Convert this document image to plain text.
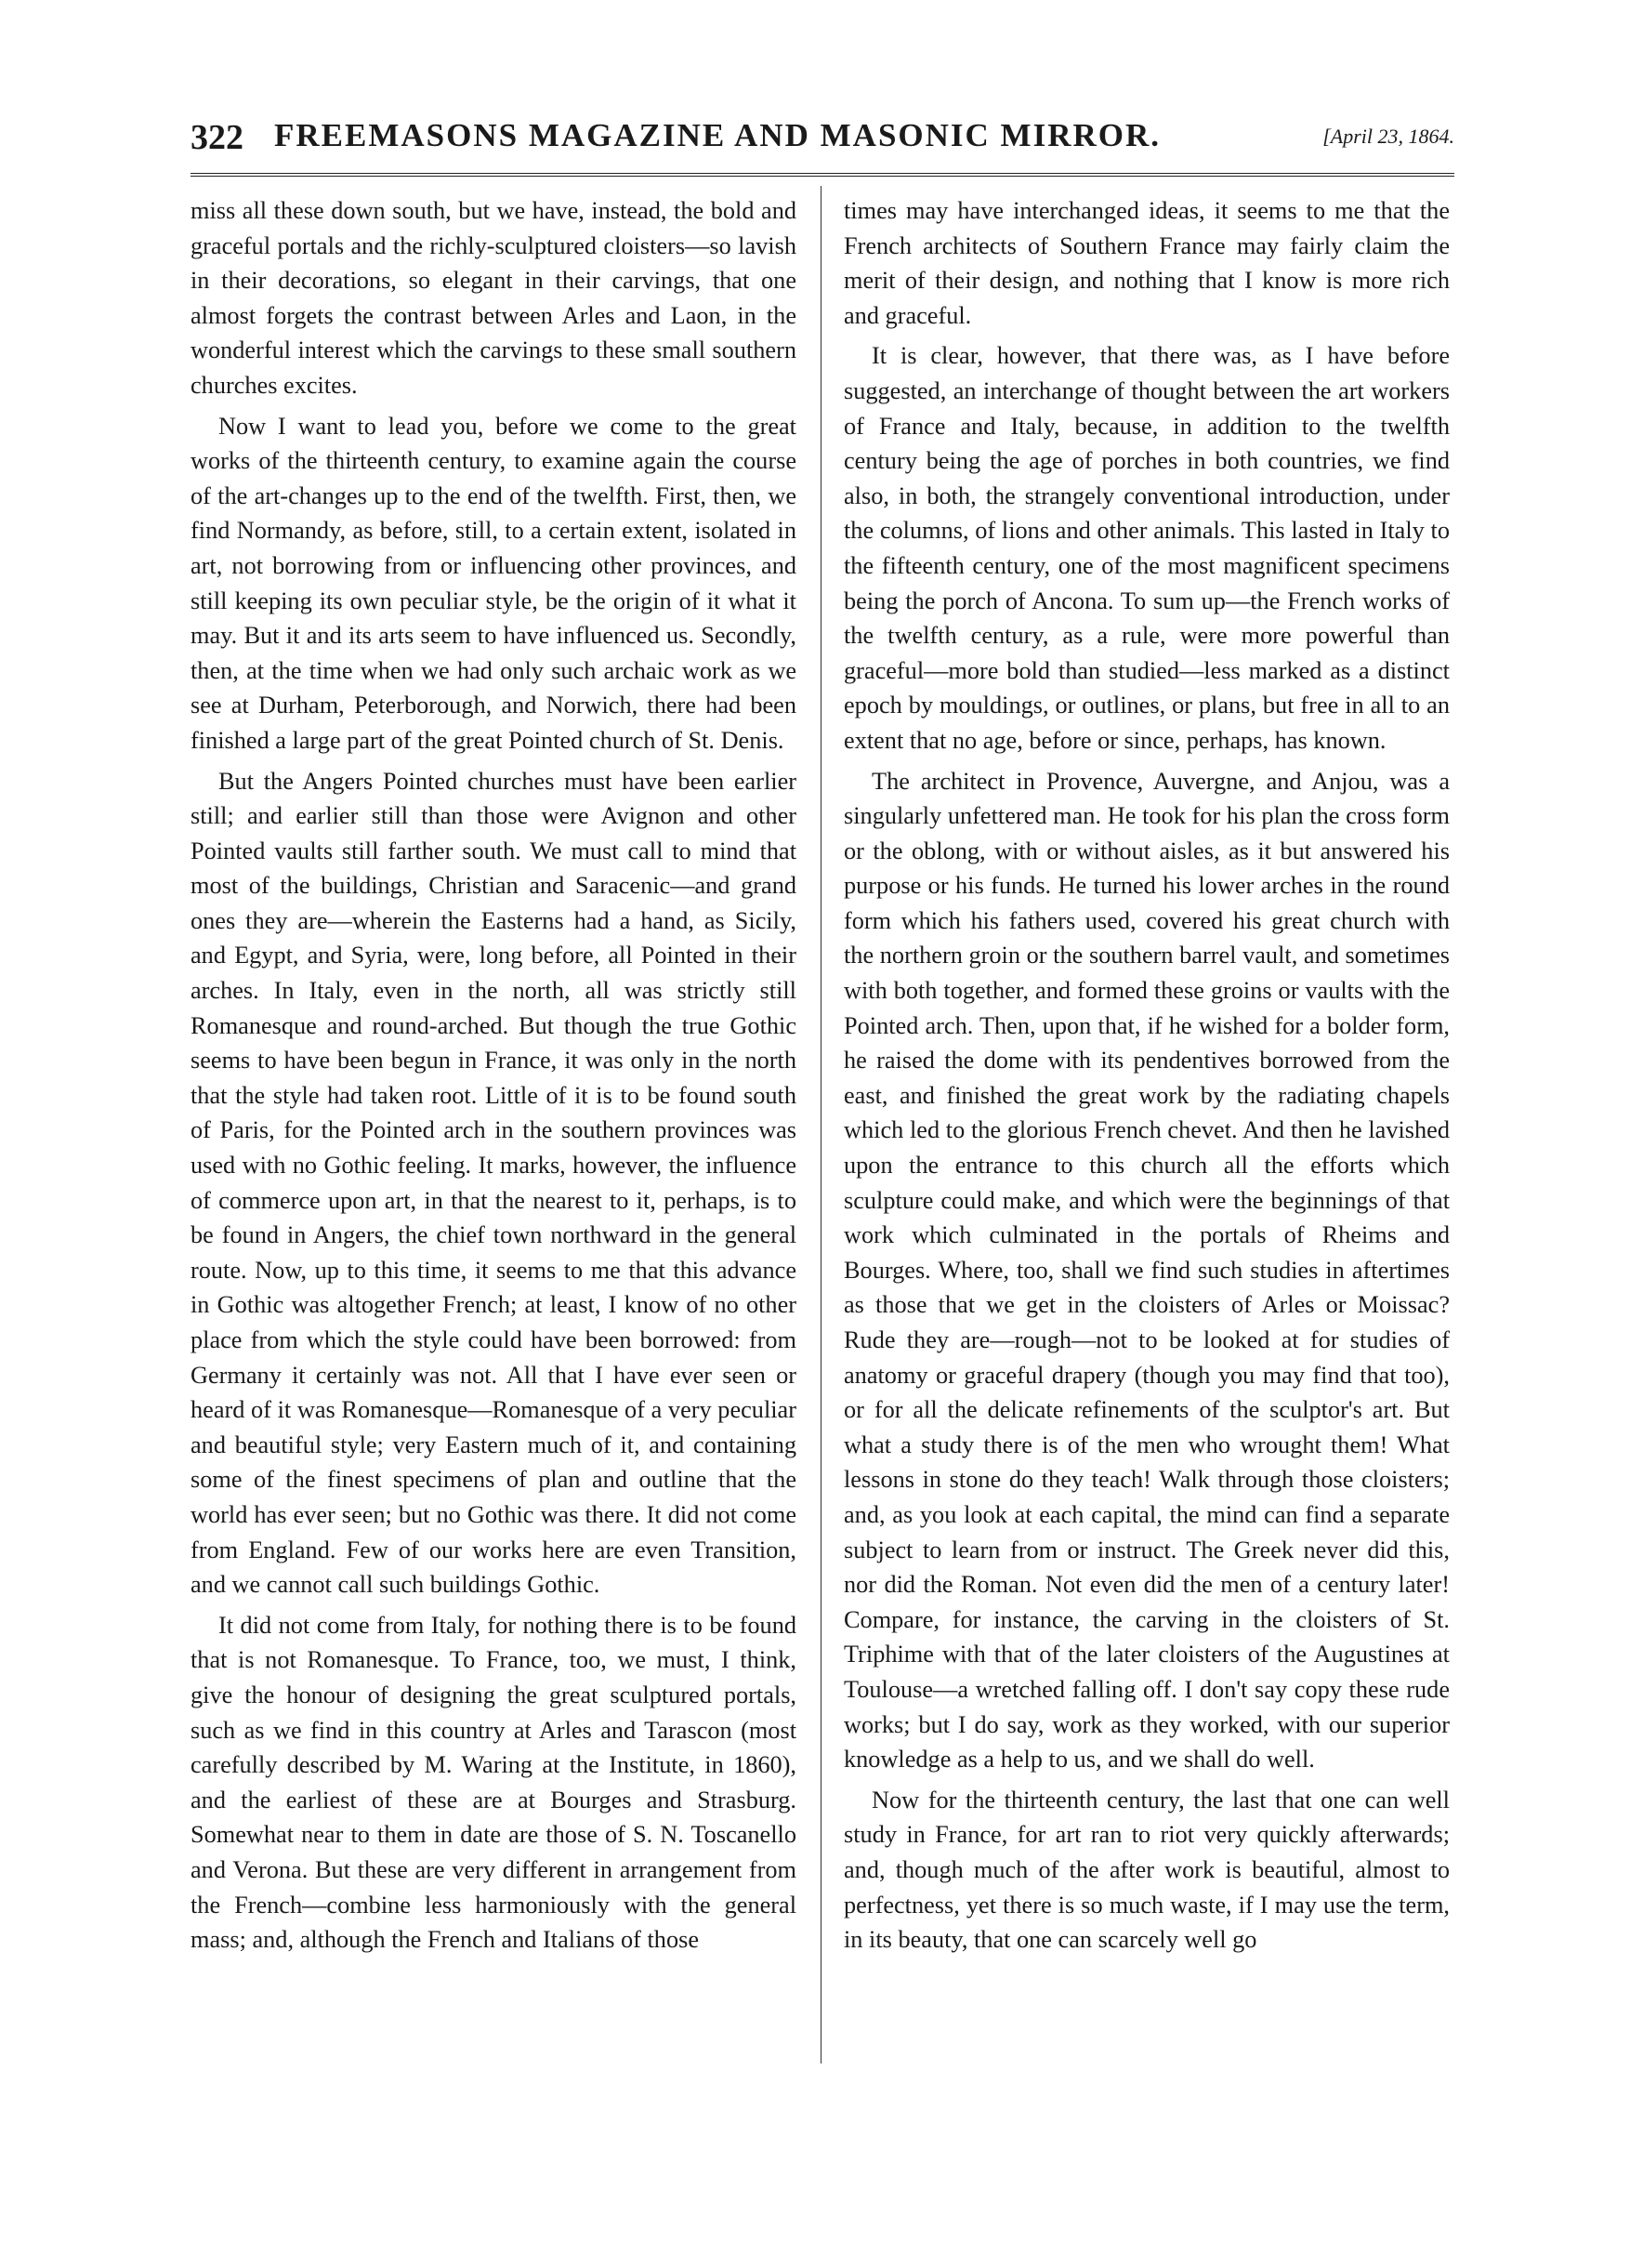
322 FREEMASONS MAGAZINE AND MASONIC MIRROR.	[April 23, 1864.

miss all these down south, but we have, instead, the bold and graceful portals and the richly-sculptured cloisters—so lavish in their decorations, so elegant in their carvings, that one almost forgets the contrast between Arles and Laon, in the wonderful interest which the carvings to these small southern churches excites.

Now I want to lead you, before we come to the great works of the thirteenth century, to examine again the course of the art-changes up to the end of the twelfth. First, then, we find Normandy, as before, still, to a certain extent, isolated in art, not borrowing from or influencing other provinces, and still keeping its own peculiar style, be the origin of it what it may. But it and its arts seem to have influenced us. Secondly, then, at the time when we had only such archaic work as we see at Durham, Peterborough, and Norwich, there had been finished a large part of the great Pointed church of St. Denis.

But the Angers Pointed churches must have been earlier still; and earlier still than those were Avignon and other Pointed vaults still farther south. We must call to mind that most of the buildings, Christian and Saracenic—and grand ones they are—wherein the Easterns had a hand, as Sicily, and Egypt, and Syria, were, long before, all Pointed in their arches. In Italy, even in the north, all was strictly still Romanesque and round-arched. But though the true Gothic seems to have been begun in France, it was only in the north that the style had taken root. Little of it is to be found south of Paris, for the Pointed arch in the southern provinces was used with no Gothic feeling. It marks, however, the influence of commerce upon art, in that the nearest to it, perhaps, is to be found in Angers, the chief town northward in the general route. Now, up to this time, it seems to me that this advance in Gothic was altogether French; at least, I know of no other place from which the style could have been borrowed: from Germany it certainly was not. All that I have ever seen or heard of it was Romanesque—Romanesque of a very peculiar and beautiful style; very Eastern much of it, and containing some of the finest specimens of plan and outline that the world has ever seen; but no Gothic was there. It did not come from England. Few of our works here are even Transition, and we cannot call such buildings Gothic.

It did not come from Italy, for nothing there is to be found that is not Romanesque. To France, too, we must, I think, give the honour of designing the great sculptured portals, such as we find in this country at Arles and Tarascon (most carefully described by M. Waring at the Institute, in 1860), and the earliest of these are at Bourges and Strasburg. Somewhat near to them in date are those of S. N. Toscanello and Verona. But these are very different in arrangement from the French—combine less harmoniously with the general mass; and, although the French and Italians of those

times may have interchanged ideas, it seems to me that the French architects of Southern France may fairly claim the merit of their design, and nothing that I know is more rich and graceful.

It is clear, however, that there was, as I have before suggested, an interchange of thought between the art workers of France and Italy, because, in addition to the twelfth century being the age of porches in both countries, we find also, in both, the strangely conventional introduction, under the columns, of lions and other animals. This lasted in Italy to the fifteenth century, one of the most magnificent specimens being the porch of Ancona. To sum up—the French works of the twelfth century, as a rule, were more powerful than graceful—more bold than studied—less marked as a distinct epoch by mouldings, or outlines, or plans, but free in all to an extent that no age, before or since, perhaps, has known.

The architect in Provence, Auvergne, and Anjou, was a singularly unfettered man. He took for his plan the cross form or the oblong, with or without aisles, as it but answered his purpose or his funds. He turned his lower arches in the round form which his fathers used, covered his great church with the northern groin or the southern barrel vault, and sometimes with both together, and formed these groins or vaults with the Pointed arch. Then, upon that, if he wished for a bolder form, he raised the dome with its pendentives borrowed from the east, and finished the great work by the radiating chapels which led to the glorious French chevet. And then he lavished upon the entrance to this church all the efforts which sculpture could make, and which were the beginnings of that work which culminated in the portals of Rheims and Bourges. Where, too, shall we find such studies in aftertimes as those that we get in the cloisters of Arles or Moissac? Rude they are—rough—not to be looked at for studies of anatomy or graceful drapery (though you may find that too), or for all the delicate refinements of the sculptor's art. But what a study there is of the men who wrought them! What lessons in stone do they teach! Walk through those cloisters; and, as you look at each capital, the mind can find a separate subject to learn from or instruct. The Greek never did this, nor did the Roman. Not even did the men of a century later! Compare, for instance, the carving in the cloisters of St. Triphime with that of the later cloisters of the Augustines at Toulouse—a wretched falling off. I don't say copy these rude works; but I do say, work as they worked, with our superior knowledge as a help to us, and we shall do well.

Now for the thirteenth century, the last that one can well study in France, for art ran to riot very quickly afterwards; and, though much of the after work is beautiful, almost to perfectness, yet there is so much waste, if I may use the term, in its beauty, that one can scarcely well go
